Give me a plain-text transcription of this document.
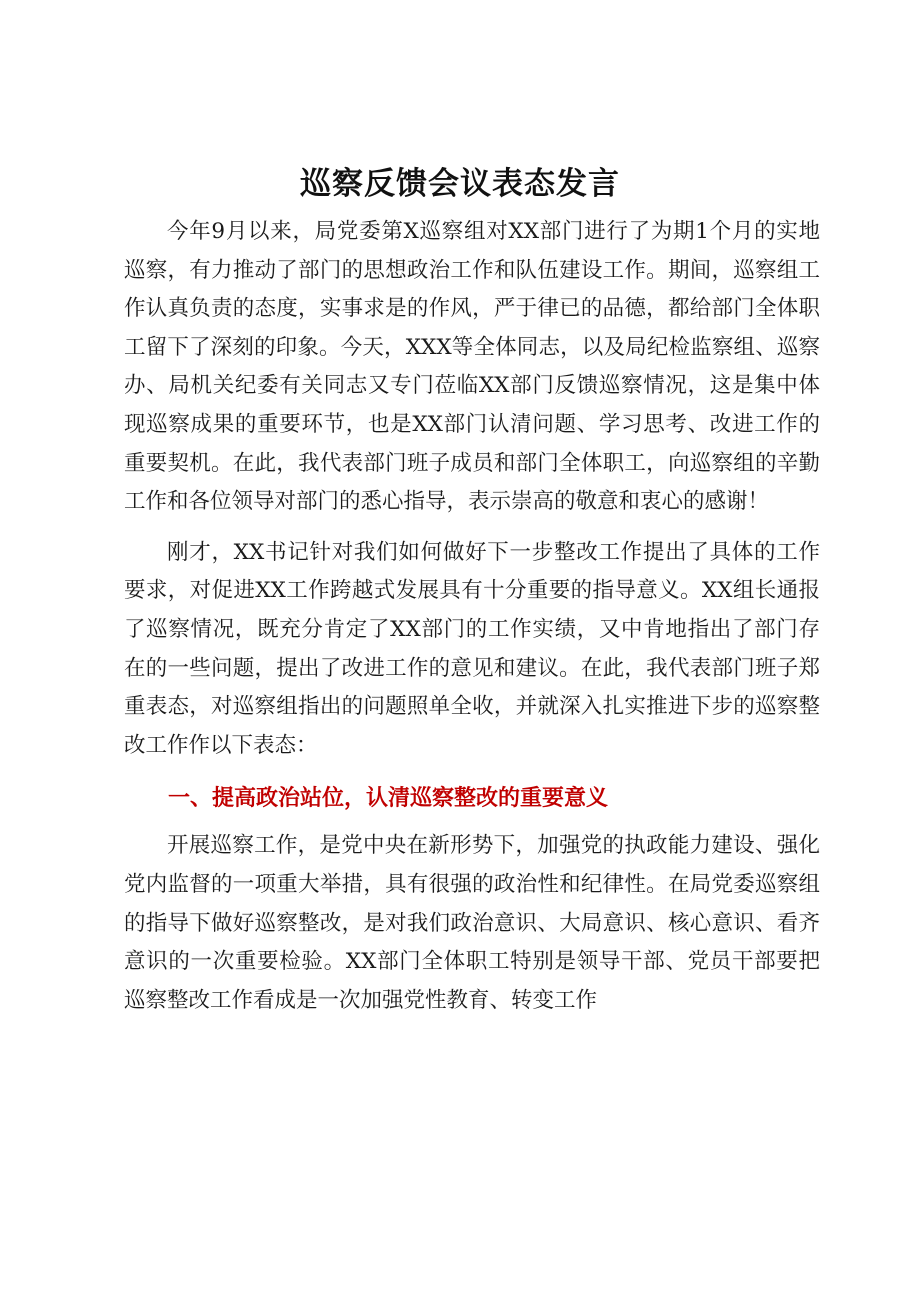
巡察反馈会议表态发言

今年9月以来，局党委第X巡察组对XX部门进行了为期1个月的实地巡察，有力推动了部门的思想政治工作和队伍建设工作。期间，巡察组工作认真负责的态度，实事求是的作风，严于律已的品德，都给部门全体职工留下了深刻的印象。今天，XXX等全体同志，以及局纪检监察组、巡察办、局机关纪委有关同志又专门莅临XX部门反馈巡察情况，这是集中体现巡察成果的重要环节，也是XX部门认清问题、学习思考、改进工作的重要契机。在此，我代表部门班子成员和部门全体职工，向巡察组的辛勤工作和各位领导对部门的悉心指导，表示崇高的敬意和衷心的感谢！

刚才，XX书记针对我们如何做好下一步整改工作提出了具体的工作要求，对促进XX工作跨越式发展具有十分重要的指导意义。XX组长通报了巡察情况，既充分肯定了XX部门的工作实绩，又中肯地指出了部门存在的一些问题，提出了改进工作的意见和建议。在此，我代表部门班子郑重表态，对巡察组指出的问题照单全收，并就深入扎实推进下步的巡察整改工作作以下表态：

一、提高政治站位，认清巡察整改的重要意义

开展巡察工作，是党中央在新形势下，加强党的执政能力建设、强化党内监督的一项重大举措，具有很强的政治性和纪律性。在局党委巡察组的指导下做好巡察整改，是对我们政治意识、大局意识、核心意识、看齐意识的一次重要检验。XX部门全体职工特别是领导干部、党员干部要把巡察整改工作看成是一次加强党性教育、转变工作
